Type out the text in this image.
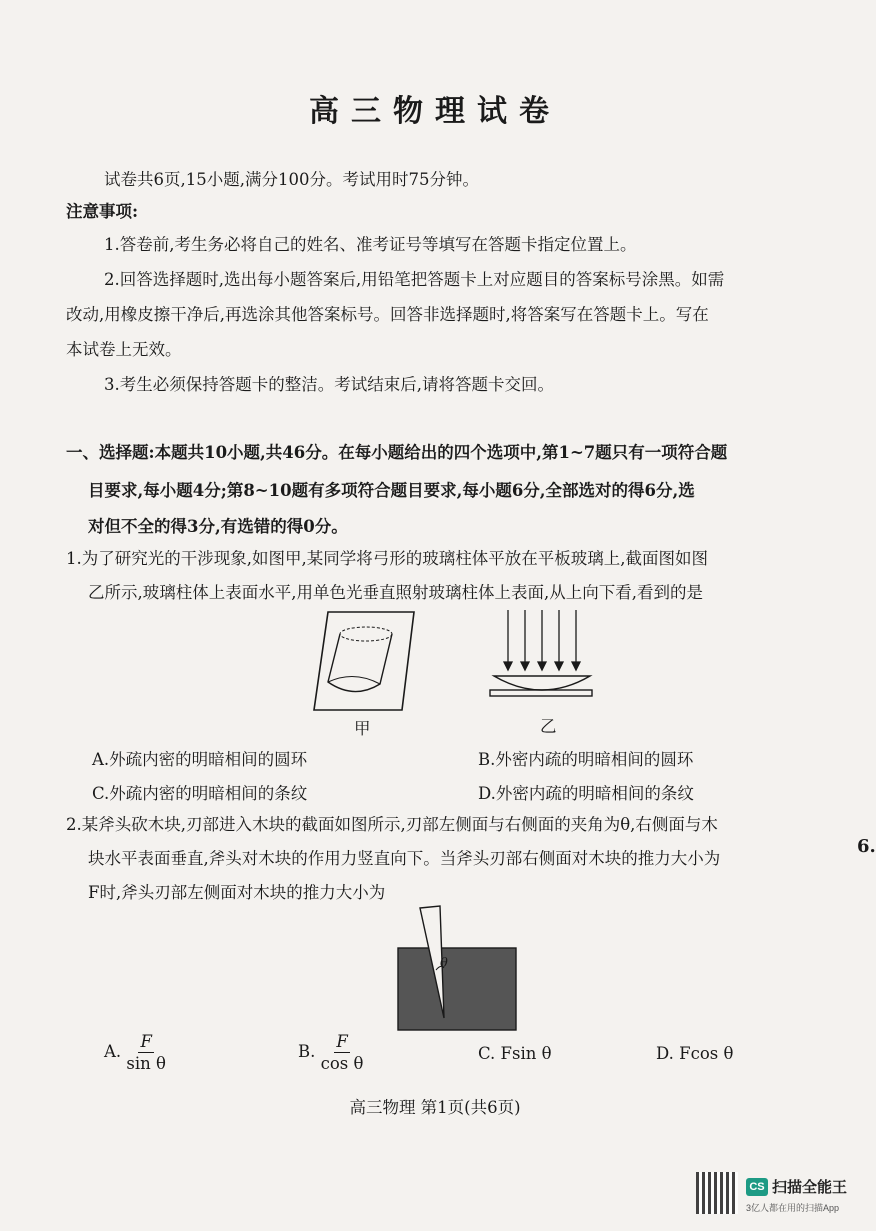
高三物理试卷
试卷共6页,15小题,满分100分。考试用时75分钟。
注意事项:
1.答卷前,考生务必将自己的姓名、准考证号等填写在答题卡指定位置上。
2.回答选择题时,选出每小题答案后,用铅笔把答题卡上对应题目的答案标号涂黑。如需
改动,用橡皮擦干净后,再选涂其他答案标号。回答非选择题时,将答案写在答题卡上。写在
本试卷上无效。
3.考生必须保持答题卡的整洁。考试结束后,请将答题卡交回。
一、选择题:本题共10小题,共46分。在每小题给出的四个选项中,第1~7题只有一项符合题
目要求,每小题4分;第8~10题有多项符合题目要求,每小题6分,全部选对的得6分,选
对但不全的得3分,有选错的得0分。
1.为了研究光的干涉现象,如图甲,某同学将弓形的玻璃柱体平放在平板玻璃上,截面图如图
乙所示,玻璃柱体上表面水平,用单色光垂直照射玻璃柱体上表面,从上向下看,看到的是
甲	乙
A.外疏内密的明暗相间的圆环	B.外密内疏的明暗相间的圆环
C.外疏内密的明暗相间的条纹	D.外密内疏的明暗相间的条纹
2.某斧头砍木块,刃部进入木块的截面如图所示,刃部左侧面与右侧面的夹角为θ,右侧面与木
块水平表面垂直,斧头对木块的作用力竖直向下。当斧头刃部右侧面对木块的推力大小为
F时,斧头刃部左侧面对木块的推力大小为
θ
A. $\frac{F}{\text{sin θ}}$	B. $\frac{F}{\text{cos θ}}$	C. Fsin θ	D. Fcos θ
高三物理 第1页(共6页)
6.
CS 扫描全能王
3亿人都在用的扫描App
